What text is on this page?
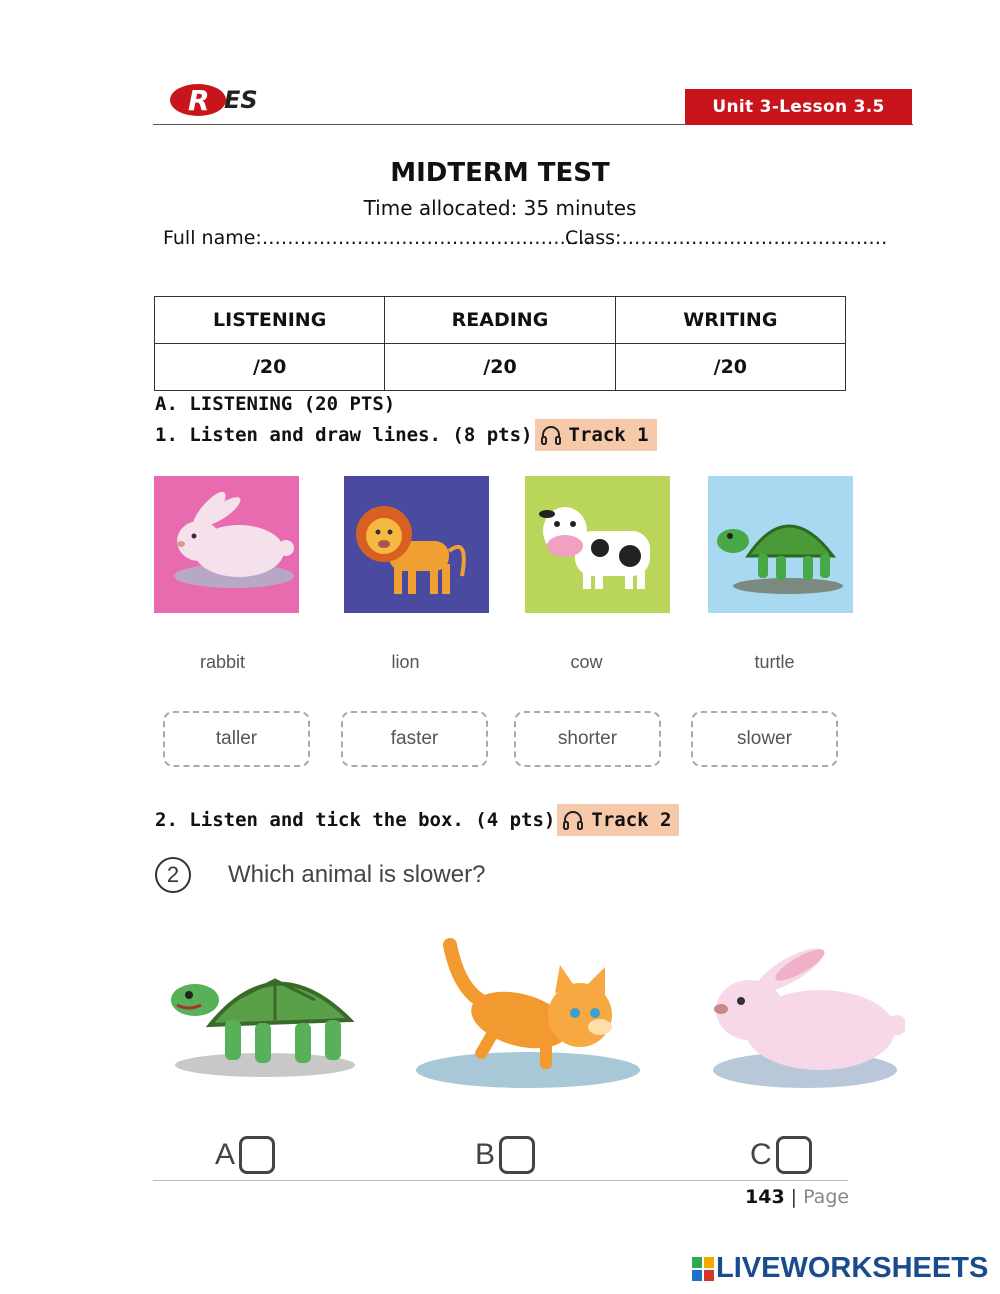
R ES	Unit 3-Lesson 3.5
MIDTERM TEST
Time allocated: 35 minutes
Full name:…………………………………………….
Class:……………………………………
LISTENING	READING	WRITING
/20	/20	/20
A. LISTENING (20 PTS)
1. Listen and draw lines. (8 pts) Track 1
rabbit	lion	cow	turtle
taller	faster	shorter	slower
2. Listen and tick the box. (4 pts) Track 2
2	Which animal is slower?
A	B	C
143 | Page
LIVEWORKSHEETS
